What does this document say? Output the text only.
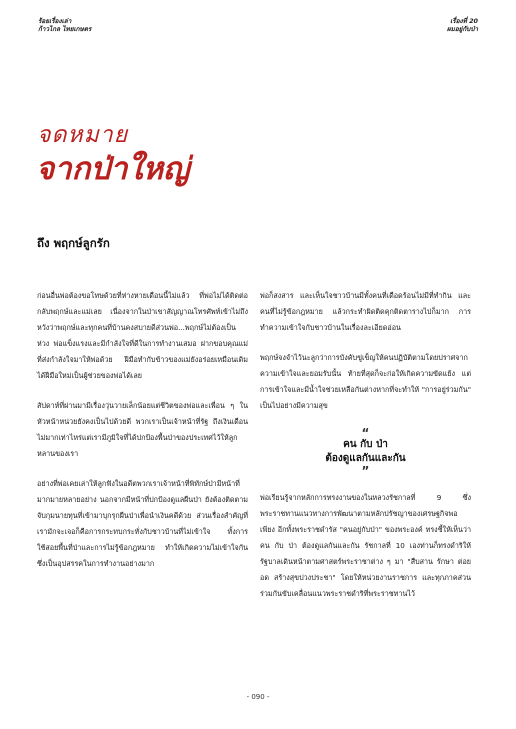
ร้อยเรื่องเล่า
ก้าวไกล ไทยเกษตร
เรื่องที่ 20
ผมอยู่กับป่า
จดหมาย
จากป่าใหญ่
ถึง พฤกษ์ลูกรัก

ก่อนอื่นพ่อต้องขอโทษด้วยที่ห่างหายเดือนนี้ไม่แล้ว ที่พ่อไม่ได้ติดต่อกลับพฤกษ์และแม่เลย เนื่องจากในป่าเขาสัญญาณโทรศัพท์เข้าไม่ถึง หวังว่าพฤกษ์และทุกคนที่บ้านคงสบายดีส่วนพ่อ...พฤกษ์ไม่ต้องเป็นห่วง พ่อแข็งแรงและมีกำลังใจที่ดีในการทำงานเสมอ ฝากขอบคุณแม่ที่ส่งกำลังใจมาให้พ่อด้วย ฝีมือทำกับข้าวของแม่ยังอร่อยเหมือนเดิม ได้ฝีมือใหม่เป็นผู้ช่วยของพ่อได้เลย

สัปดาห์ที่ผ่านมามีเรื่องวุ่นวายเล็กน้อยแต่ชีวิตของพ่อและเพื่อน ๆ ในหัวหน้าหน่วยยังคงเป็นไปด้วยดี พวกเราเป็นเจ้าหน้าที่รัฐ ถึงเงินเดือนไม่มากเท่าไหร่แต่เรามีภูมิใจที่ได้ปกป้องพื้นป่าของประเทศไว้ให้ลูกหลานของเรา

อย่างที่พ่อเคยเล่าให้ลูกฟังในอดีตพวกเราเจ้าหน้าที่พิทักษ์ป่ามีหน้าที่มากมายหลายอย่าง นอกจากมีหน้าที่ปกป้องดูแลผืนป่า ยังต้องติดตามจับกุมนายทุนที่เข้ามาบุกรุกผืนป่าเพื่อนำเงินคดีด้วย ส่วนเรื่องสำคัญที่เรามักจะเจอก็คือการกระทบกระทั่งกับชาวบ้านที่ไม่เข้าใจ ทั้งการใช้สอยพื้นที่ป่าและการไม่รู้ข้อกฎหมาย ทำให้เกิดความไม่เข้าใจกัน ซึ่งเป็นอุปสรรคในการทำงานอย่างมาก

พ่อก็สงสาร และเห็นใจชาวบ้านมีทั้งคนที่เดือดร้อนไม่มีที่ทำกิน และคนที่ไม่รู้ข้อกฎหมาย แล้วกระทำผิดติดคุกติดตารางไปก็มาก การทำความเข้าใจกับชาวบ้านในเรื่องละเอียดอ่อน

พฤกษ์จงจำไว้นะลูกว่าการบังคับขู่เข็ญให้คนปฏิบัติตามโดยปราศจากความเข้าใจและยอมรับนั้น ท้ายที่สุดก็จะก่อให้เกิดความขัดแย้ง แต่การเข้าใจและมีน้ำใจช่วยเหลือกันต่างหากที่จะทำให้ "การอยู่ร่วมกัน" เป็นไปอย่างมีความสุข

“
คน กับ ป่า
ต้องดูแลกันและกัน
”

พ่อเรียนรู้จากหลักการทรงงานของในหลวงรัชกาลที่ 9 ซึ่งพระราชทานแนวทางการพัฒนาตามหลักปรัชญาของเศรษฐกิจพอเพียง อีกทั้งพระราชดำรัส "คนอยู่กับป่า" ของพระองค์ ทรงชี้ให้เห็นว่า คน กับ ป่า ต้องดูแลกันและกัน รัชกาลที่ 10 เองท่านก็ทรงดำริให้รัฐบาลเดินหน้าตามศาสตร์พระราชาต่าง ๆ มา "สืบสาน รักษา ต่อยอด สร้างสุขปวงประชา" โดยให้หน่วยงานราชการ และทุกภาคส่วนร่วมกันขับเคลื่อนแนวพระราชดำริที่พระราชทานไว้

- 090 -
